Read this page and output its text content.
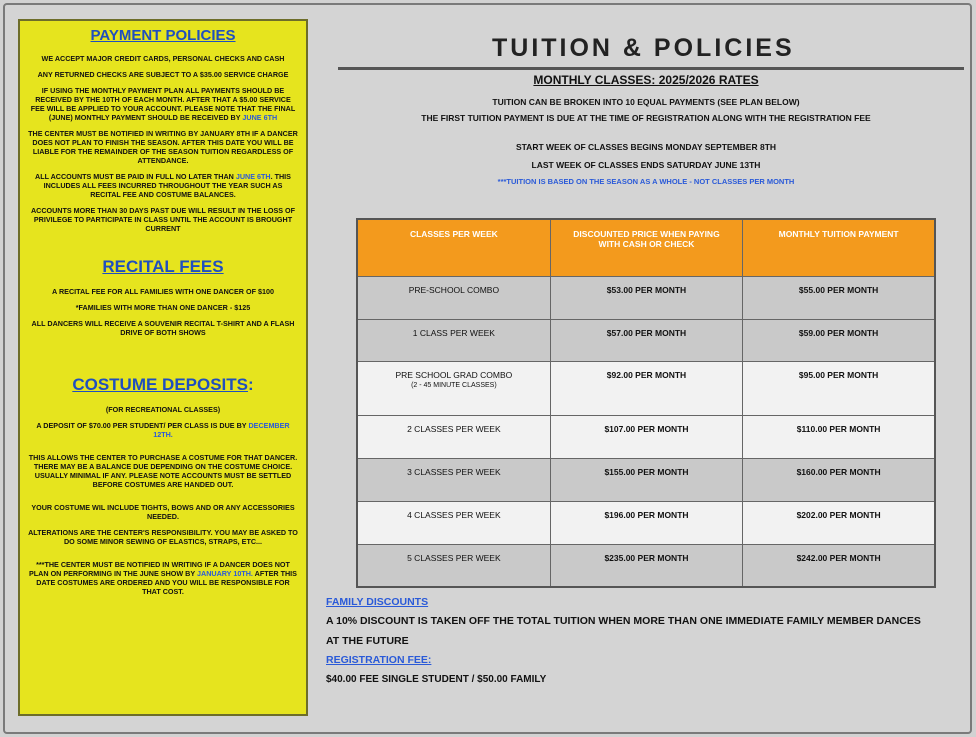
PAYMENT POLICIES

WE ACCEPT MAJOR CREDIT CARDS, PERSONAL CHECKS AND CASH

ANY RETURNED CHECKS ARE SUBJECT TO A $35.00 SERVICE CHARGE

IF USING THE MONTHLY PAYMENT PLAN ALL PAYMENTS SHOULD BE RECEIVED BY THE 10TH OF EACH MONTH. AFTER THAT A $5.00 SERVICE FEE WILL BE APPLIED TO YOUR ACCOUNT. PLEASE NOTE THAT THE FINAL (JUNE) MONTHLY PAYMENT SHOULD BE RECEIVED BY JUNE 6TH

THE CENTER MUST BE NOTIFIED IN WRITING BY JANUARY 8TH IF A DANCER DOES NOT PLAN TO FINISH THE SEASON. AFTER THIS DATE YOU WILL BE LIABLE FOR THE REMAINDER OF THE SEASON TUITION REGARDLESS OF ATTENDANCE.

ALL ACCOUNTS MUST BE PAID IN FULL NO LATER THAN JUNE 6TH. THIS INCLUDES ALL FEES INCURRED THROUGHOUT THE YEAR SUCH AS RECITAL FEE AND COSTUME BALANCES.

ACCOUNTS MORE THAN 30 DAYS PAST DUE WILL RESULT IN THE LOSS OF PRIVILEGE TO PARTICIPATE IN CLASS UNTIL THE ACCOUNT IS BROUGHT CURRENT

RECITAL FEES

A RECITAL FEE FOR ALL FAMILIES WITH ONE DANCER OF $100

*FAMILIES WITH MORE THAN ONE DANCER - $125

ALL DANCERS WILL RECEIVE A SOUVENIR RECITAL T-SHIRT AND A FLASH DRIVE OF BOTH SHOWS

COSTUME DEPOSITS:

(FOR RECREATIONAL CLASSES)

A DEPOSIT OF $70.00 PER STUDENT/ PER CLASS IS DUE BY DECEMBER 12TH.

THIS ALLOWS THE CENTER TO PURCHASE A COSTUME FOR THAT DANCER. THERE MAY BE A BALANCE DUE DEPENDING ON THE COSTUME CHOICE. USUALLY MINIMAL IF ANY. PLEASE NOTE ACCOUNTS MUST BE SETTLED BEFORE COSTUMES ARE HANDED OUT.

YOUR COSTUME WIL INCLUDE TIGHTS, BOWS AND OR ANY ACCESSORIES NEEDED.

ALTERATIONS ARE THE CENTER'S RESPONSIBILITY. YOU MAY BE ASKED TO DO SOME MINOR SEWING OF ELASTICS, STRAPS, ETC...

***THE CENTER MUST BE NOTIFIED IN WRITING IF A DANCER DOES NOT PLAN ON PERFORMING IN THE JUNE SHOW BY JANUARY 10TH. AFTER THIS DATE COSTUMES ARE ORDERED AND YOU WILL BE RESPONSIBLE FOR THAT COST.

TUITION & POLICIES
MONTHLY CLASSES: 2025/2026 RATES
TUITION CAN BE BROKEN INTO 10 EQUAL PAYMENTS (SEE PLAN BELOW)
THE FIRST TUITION PAYMENT IS DUE AT THE TIME OF REGISTRATION ALONG WITH THE REGISTRATION FEE
START WEEK OF CLASSES BEGINS MONDAY SEPTEMBER 8TH
LAST WEEK OF CLASSES ENDS SATURDAY JUNE 13TH
***TUITION IS BASED ON THE SEASON AS A WHOLE - NOT CLASSES PER MONTH
CLASSES PER WEEK	DISCOUNTED PRICE WHEN PAYING WITH CASH OR CHECK	MONTHLY TUITION PAYMENT
PRE-SCHOOL COMBO	$53.00 PER MONTH	$55.00 PER MONTH
1 CLASS PER WEEK	$57.00 PER MONTH	$59.00 PER MONTH
PRE SCHOOL GRAD COMBO
(2 - 45 MINUTE CLASSES)	$92.00 PER MONTH	$95.00 PER MONTH
2 CLASSES PER WEEK	$107.00 PER MONTH	$110.00 PER MONTH
3 CLASSES PER WEEK	$155.00 PER MONTH	$160.00 PER MONTH
4 CLASSES PER WEEK	$196.00 PER MONTH	$202.00 PER MONTH
5 CLASSES PER WEEK	$235.00 PER MONTH	$242.00 PER MONTH
FAMILY DISCOUNTS
A 10% DISCOUNT IS TAKEN OFF THE TOTAL TUITION WHEN MORE THAN ONE IMMEDIATE FAMILY MEMBER DANCES
AT THE FUTURE
REGISTRATION FEE:
$40.00 FEE SINGLE STUDENT / $50.00 FAMILY
